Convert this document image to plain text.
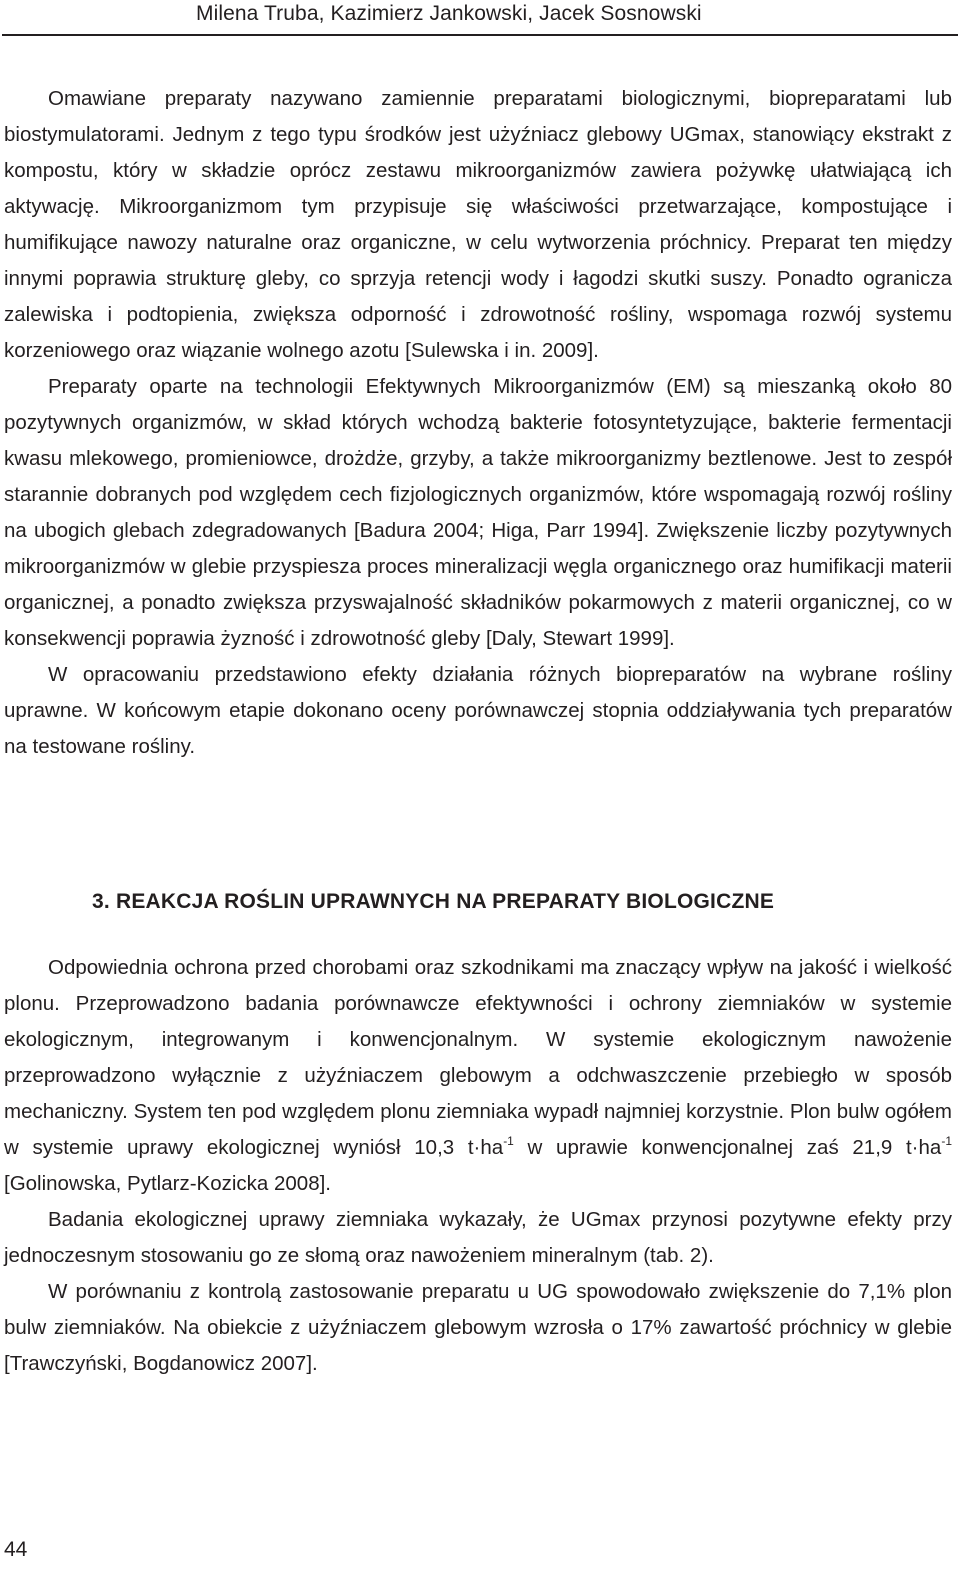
Milena Truba, Kazimierz Jankowski, Jacek Sosnowski

Omawiane preparaty nazywano zamiennie preparatami biologicznymi, biopreparatami lub biostymulatorami. Jednym z tego typu środków jest użyźniacz glebowy UGmax, stanowiący ekstrakt z kompostu, który w składzie oprócz zestawu mikroorganizmów zawiera pożywkę ułatwiającą ich aktywację. Mikroorganizmom tym przypisuje się właściwości przetwarzające, kompostujące i humifikujące nawozy naturalne oraz organiczne, w celu wytworzenia próchnicy. Preparat ten między innymi poprawia strukturę gleby, co sprzyja retencji wody i łagodzi skutki suszy. Ponadto ogranicza zalewiska i podtopienia, zwiększa odporność i zdrowotność rośliny, wspomaga rozwój systemu korzeniowego oraz wiązanie wolnego azotu [Sulewska i in. 2009].

Preparaty oparte na technologii Efektywnych Mikroorganizmów (EM) są mieszanką około 80 pozytywnych organizmów, w skład których wchodzą bakterie fotosyntetyzujące, bakterie fermentacji kwasu mlekowego, promieniowce, drożdże, grzyby, a także mikroorganizmy beztlenowe. Jest to zespół starannie dobranych pod względem cech fizjologicznych organizmów, które wspomagają rozwój rośliny na ubogich glebach zdegradowanych [Badura 2004; Higa, Parr 1994]. Zwiększenie liczby pozytywnych mikroorganizmów w glebie przyspiesza proces mineralizacji węgla organicznego oraz humifikacji materii organicznej, a ponadto zwiększa przyswajalność składników pokarmowych z materii organicznej, co w konsekwencji poprawia żyzność i zdrowotność gleby [Daly, Stewart 1999].

W opracowaniu przedstawiono efekty działania różnych biopreparatów na wybrane rośliny uprawne. W końcowym etapie dokonano oceny porównawczej stopnia oddziaływania tych preparatów na testowane rośliny.

3. REAKCJA ROŚLIN UPRAWNYCH NA PREPARATY BIOLOGICZNE

Odpowiednia ochrona przed chorobami oraz szkodnikami ma znaczący wpływ na jakość i wielkość plonu. Przeprowadzono badania porównawcze efektywności i ochrony ziemniaków w systemie ekologicznym, integrowanym i konwencjonalnym. W systemie ekologicznym nawożenie przeprowadzono wyłącznie z użyźniaczem glebowym a odchwaszczenie przebiegło w sposób mechaniczny. System ten pod względem plonu ziemniaka wypadł najmniej korzystnie. Plon bulw ogółem w systemie uprawy ekologicznej wyniósł 10,3 $t\cdot ha^{-1}$ w uprawie konwencjonalnej zaś 21,9 $t\cdot ha^{-1}$ [Golinowska, Pytlarz-Kozicka 2008].

Badania ekologicznej uprawy ziemniaka wykazały, że UGmax przynosi pozytywne efekty przy jednoczesnym stosowaniu go ze słomą oraz nawożeniem mineralnym (tab. 2).

W porównaniu z kontrolą zastosowanie preparatu u UG spowodowało zwiększenie do 7,1% plon bulw ziemniaków. Na obiekcie z użyźniaczem glebowym wzrosła o 17% zawartość próchnicy w glebie [Trawczyński, Bogdanowicz 2007].

44
